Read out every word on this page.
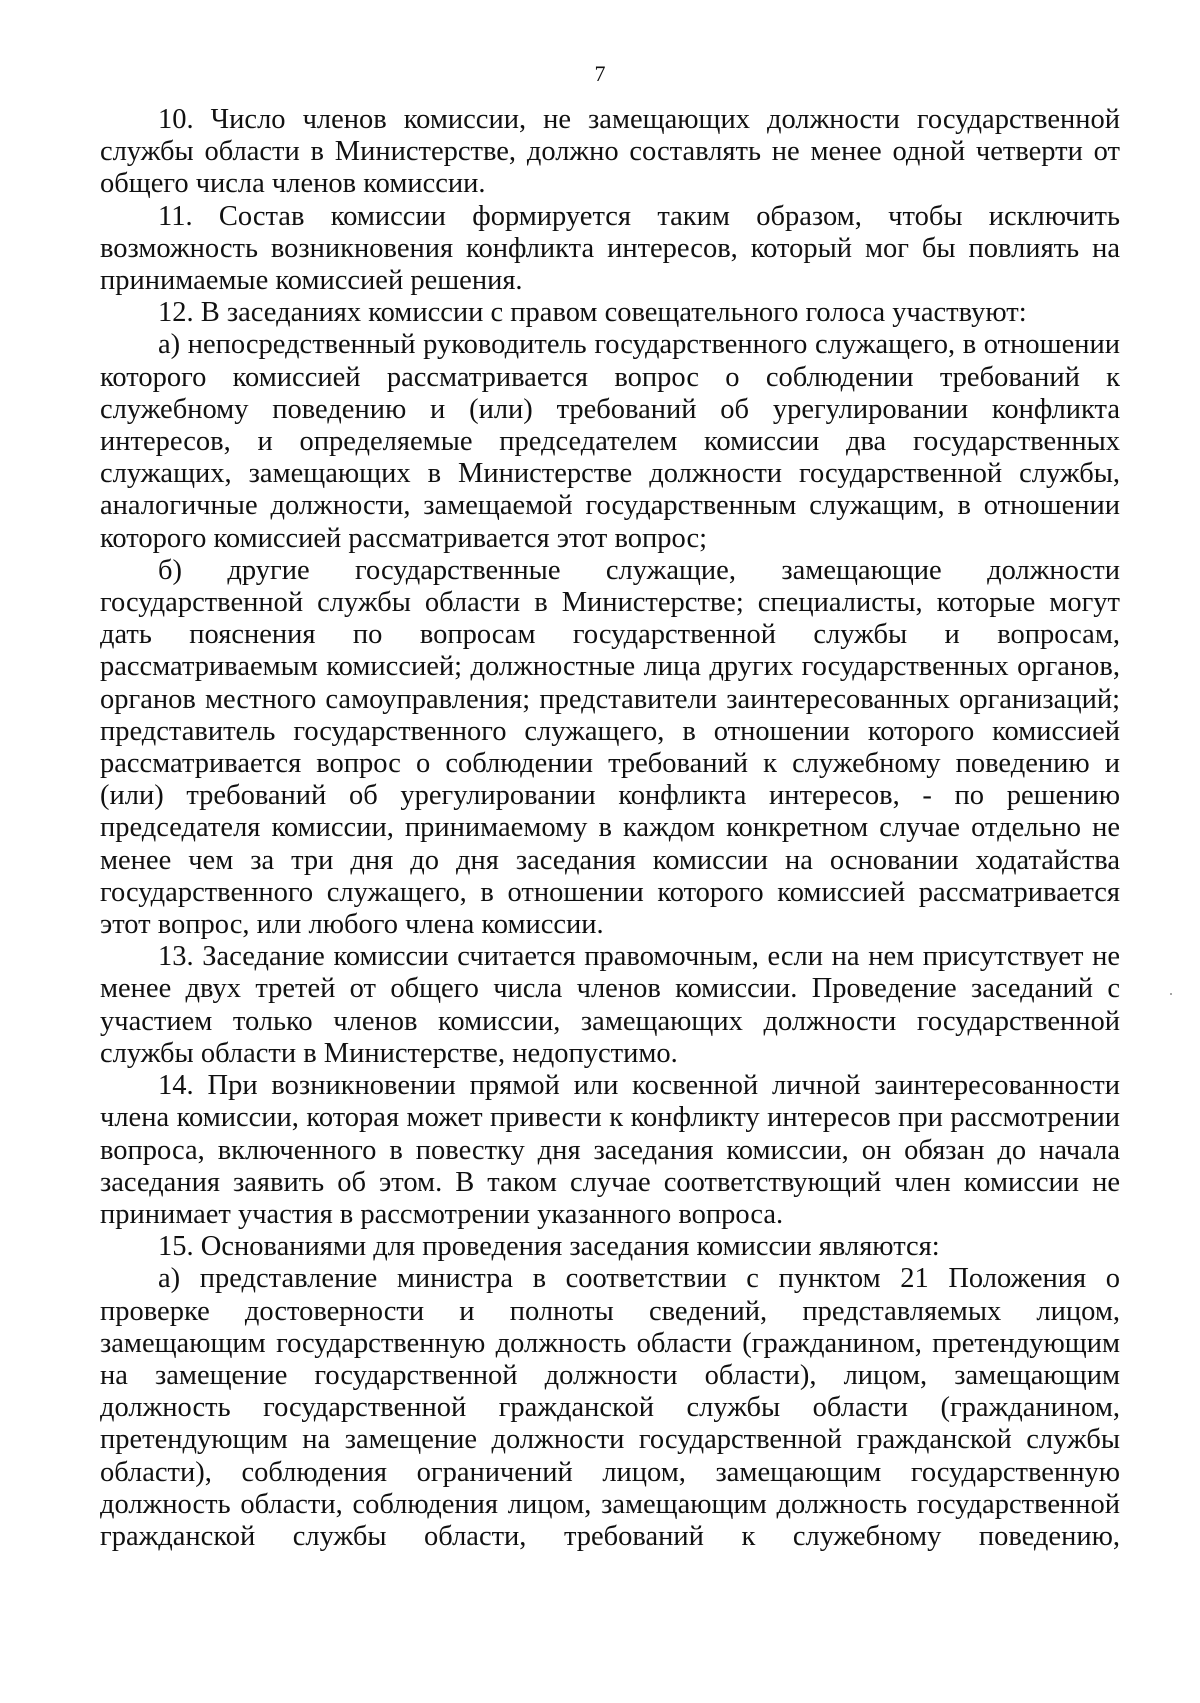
7

10. Число членов комиссии, не замещающих должности государственной службы области в Министерстве, должно составлять не менее одной четверти от общего числа членов комиссии.

11. Состав комиссии формируется таким образом, чтобы исключить возможность возникновения конфликта интересов, который мог бы повлиять на принимаемые комиссией решения.

12. В заседаниях комиссии с правом совещательного голоса участвуют:

а) непосредственный руководитель государственного служащего, в отношении которого комиссией рассматривается вопрос о соблюдении требований к служебному поведению и (или) требований об урегулировании конфликта интересов, и определяемые председателем комиссии два государственных служащих, замещающих в Министерстве должности государственной службы, аналогичные должности, замещаемой государственным служащим, в отношении которого комиссией рассматривается этот вопрос;

б) другие государственные служащие, замещающие должности государственной службы области в Министерстве; специалисты, которые могут дать пояснения по вопросам государственной службы и вопросам, рассматриваемым комиссией; должностные лица других государственных органов, органов местного самоуправления; представители заинтересованных организаций; представитель государственного служащего, в отношении которого комиссией рассматривается вопрос о соблюдении требований к служебному поведению и (или) требований об урегулировании конфликта интересов, - по решению председателя комиссии, принимаемому в каждом конкретном случае отдельно не менее чем за три дня до дня заседания комиссии на основании ходатайства государственного служащего, в отношении которого комиссией рассматривается этот вопрос, или любого члена комиссии.

13. Заседание комиссии считается правомочным, если на нем присутствует не менее двух третей от общего числа членов комиссии. Проведение заседаний с участием только членов комиссии, замещающих должности государственной службы области в Министерстве, недопустимо.

14. При возникновении прямой или косвенной личной заинтересованности члена комиссии, которая может привести к конфликту интересов при рассмотрении вопроса, включенного в повестку дня заседания комиссии, он обязан до начала заседания заявить об этом. В таком случае соответствующий член комиссии не принимает участия в рассмотрении указанного вопроса.

15. Основаниями для проведения заседания комиссии являются:

а) представление министра в соответствии с пунктом 21 Положения о проверке достоверности и полноты сведений, представляемых лицом, замещающим государственную должность области (гражданином, претендующим на замещение государственной должности области), лицом, замещающим должность государственной гражданской службы области (гражданином, претендующим на замещение должности государственной гражданской службы области), соблюдения ограничений лицом, замещающим государственную должность области, соблюдения лицом, замещающим должность государственной гражданской службы области, требований к служебному поведению,
